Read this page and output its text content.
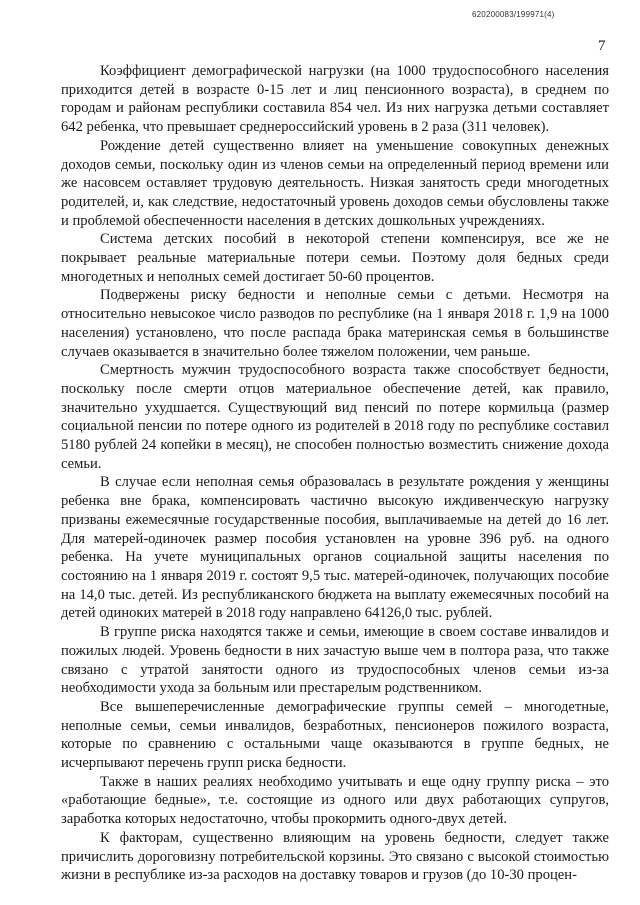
620200083/199971(4)
7

Коэффициент демографической нагрузки (на 1000 трудоспособного населения приходится детей в возрасте 0-15 лет и лиц пенсионного возраста), в среднем по городам и районам республики составила 854 чел. Из них нагрузка детьми составляет 642 ребенка, что превышает среднероссийский уровень в 2 раза (311 человек).

Рождение детей существенно влияет на уменьшение совокупных денежных доходов семьи, поскольку один из членов семьи на определенный период времени или же насовсем оставляет трудовую деятельность. Низкая занятость среди многодетных родителей, и, как следствие, недостаточный уровень доходов семьи обусловлены также и проблемой обеспеченности населения в детских дошкольных учреждениях.

Система детских пособий в некоторой степени компенсируя, все же не покрывает реальные материальные потери семьи. Поэтому доля бедных среди многодетных и неполных семей достигает 50-60 процентов.

Подвержены риску бедности и неполные семьи с детьми. Несмотря на относительно невысокое число разводов по республике (на 1 января 2018 г. 1,9 на 1000 населения) установлено, что после распада брака материнская семья в большинстве случаев оказывается в значительно более тяжелом положении, чем раньше.

Смертность мужчин трудоспособного возраста также способствует бедности, поскольку после смерти отцов материальное обеспечение детей, как правило, значительно ухудшается. Существующий вид пенсий по потере кормильца (размер социальной пенсии по потере одного из родителей в 2018 году по республике составил 5180 рублей 24 копейки в месяц), не способен полностью возместить снижение дохода семьи.

В случае если неполная семья образовалась в результате рождения у женщины ребенка вне брака, компенсировать частично высокую иждивенческую нагрузку призваны ежемесячные государственные пособия, выплачиваемые на детей до 16 лет. Для матерей-одиночек размер пособия установлен на уровне 396 руб. на одного ребенка. На учете муниципальных органов социальной защиты населения по состоянию на 1 января 2019 г. состоят 9,5 тыс. матерей-одиночек, получающих пособие на 14,0 тыс. детей. Из республиканского бюджета на выплату ежемесячных пособий на детей одиноких матерей в 2018 году направлено 64126,0 тыс. рублей.

В группе риска находятся также и семьи, имеющие в своем составе инвалидов и пожилых людей. Уровень бедности в них зачастую выше чем в полтора раза, что также связано с утратой занятости одного из трудоспособных членов семьи из-за необходимости ухода за больным или престарелым родственником.

Все вышеперечисленные демографические группы семей – многодетные, неполные семьи, семьи инвалидов, безработных, пенсионеров пожилого возраста, которые по сравнению с остальными чаще оказываются в группе бедных, не исчерпывают перечень групп риска бедности.

Также в наших реалиях необходимо учитывать и еще одну группу риска – это «работающие бедные», т.е. состоящие из одного или двух работающих супругов, заработка которых недостаточно, чтобы прокормить одного-двух детей.

К факторам, существенно влияющим на уровень бедности, следует также причислить дороговизну потребительской корзины. Это связано с высокой стоимостью жизни в республике из-за расходов на доставку товаров и грузов (до 10-30 процен-
